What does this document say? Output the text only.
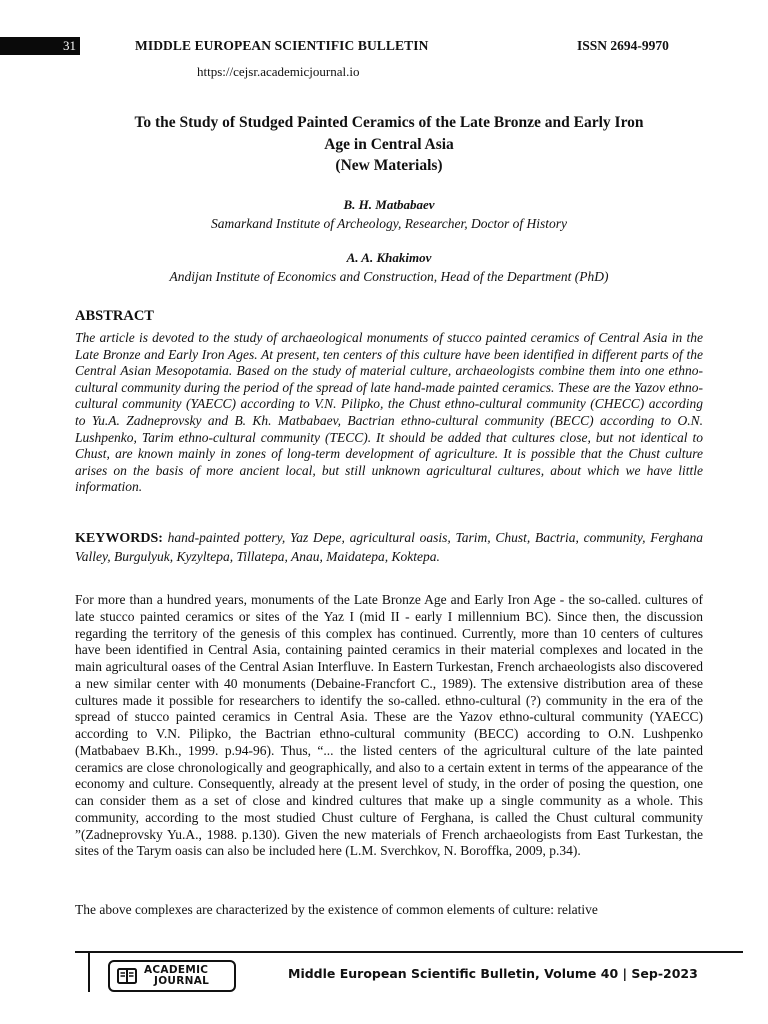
31	MIDDLE EUROPEAN SCIENTIFIC BULLETIN	ISSN 2694-9970
https://cejsr.academicjournal.io
To the Study of Studged Painted Ceramics of the Late Bronze and Early Iron
Age in Central Asia
(New Materials)
B. H. Matbabaev
Samarkand Institute of Archeology, Researcher, Doctor of History
A. A. Khakimov
Andijan Institute of Economics and Construction, Head of the Department (PhD)
ABSTRACT

The article is devoted to the study of archaeological monuments of stucco painted ceramics of Central Asia in the Late Bronze and Early Iron Ages. At present, ten centers of this culture have been identified in different parts of the Central Asian Mesopotamia. Based on the study of material culture, archaeologists combine them into one ethno-cultural community during the period of the spread of late hand-made painted ceramics. These are the Yazov ethno-cultural community (YAECC) according to V.N. Pilipko, the Chust ethno-cultural community (CHECC) according to Yu.A. Zadneprovsky and B. Kh. Matbabaev, Bactrian ethno-cultural community (BECC) according to O.N. Lushpenko, Tarim ethno-cultural community (TECC). It should be added that cultures close, but not identical to Chust, are known mainly in zones of long-term development of agriculture. It is possible that the Chust culture arises on the basis of more ancient local, but still unknown agricultural cultures, about which we have little information.

KEYWORDS: hand-painted pottery, Yaz Depe, agricultural oasis, Tarim, Chust, Bactria, community, Ferghana Valley, Burgulyuk, Kyzyltepa, Tillatepa, Anau, Maidatepa, Koktepa.

For more than a hundred years, monuments of the Late Bronze Age and Early Iron Age - the so-called. cultures of late stucco painted ceramics or sites of the Yaz I (mid II - early I millennium BC). Since then, the discussion regarding the territory of the genesis of this complex has continued. Currently, more than 10 centers of cultures have been identified in Central Asia, containing painted ceramics in their material complexes and located in the main agricultural oases of the Central Asian Interfluve. In Eastern Turkestan, French archaeologists also discovered a new similar center with 40 monuments (Debaine-Francfort C., 1989). The extensive distribution area of these cultures made it possible for researchers to identify the so-called. ethno-cultural (?) community in the era of the spread of stucco painted ceramics in Central Asia. These are the Yazov ethno-cultural community (YAECC) according to V.N. Pilipko, the Bactrian ethno-cultural community (BECC) according to O.N. Lushpenko (Matbabaev B.Kh., 1999. p.94-96). Thus, “... the listed centers of the agricultural culture of the late painted ceramics are close chronologically and geographically, and also to a certain extent in terms of the appearance of the economy and culture. Consequently, already at the present level of study, in the order of posing the question, one can consider them as a set of close and kindred cultures that make up a single community as a whole. This community, according to the most studied Chust culture of Ferghana, is called the Chust cultural community ”(Zadneprovsky Yu.A., 1988. p.130). Given the new materials of French archaeologists from East Turkestan, the sites of the Tarym oasis can also be included here (L.M. Sverchkov, N. Boroffka, 2009, p.34).

The above complexes are characterized by the existence of common elements of culture: relative

ACADEMIC
JOURNAL	Middle European Scientific Bulletin, Volume 40 | Sep-2023
